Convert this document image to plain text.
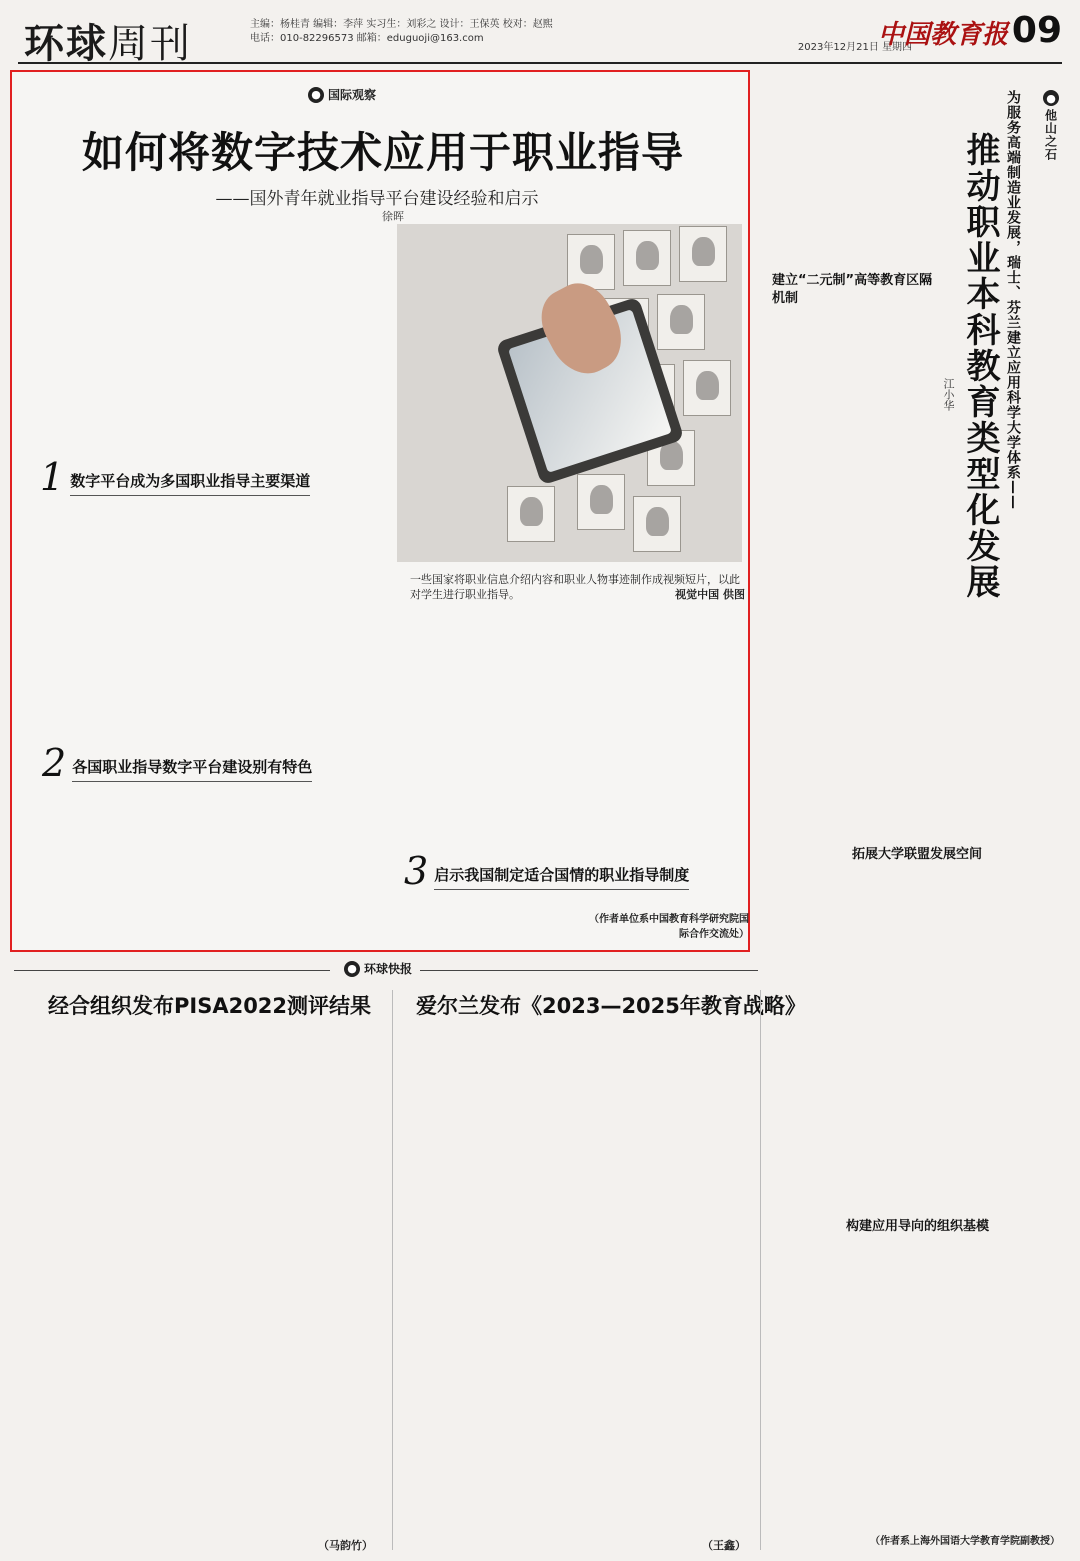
环球周刊	主编：杨桂青 编辑：李萍 实习生：刘彩之 设计：王保英 校对：赵熙
电话：010-82296573 邮箱：eduguoji@163.com
2023年12月21日 星期四
中国教育报 09
● 国际观察
如何将数字技术应用于职业指导
——国外青年就业指导平台建设经验和启示
徐晖
一些国家将职业信息介绍内容和职业人物事迹制作成视频短片，以此对学生进行职业指导。	视觉中国 供图
1 数字平台成为多国职业指导主要渠道
2 各国职业指导数字平台建设别有特色
3 启示我国制定适合国情的职业指导制度
（作者单位系中国教育科学研究院国际合作交流处）
●
他山之石
为服务高端制造业发展，瑞士、芬兰建立应用科学大学体系——
推动职业本科教育类型化发展
江小华
建立“二元制”高等教育区隔机制
拓展大学联盟发展空间
构建应用导向的组织基模
（作者系上海外国语大学教育学院副教授）
● 环球快报
经合组织发布PISA2022测评结果 爱尔兰发布《2023—2025年教育战略》
（马韵竹）	（王鑫）
